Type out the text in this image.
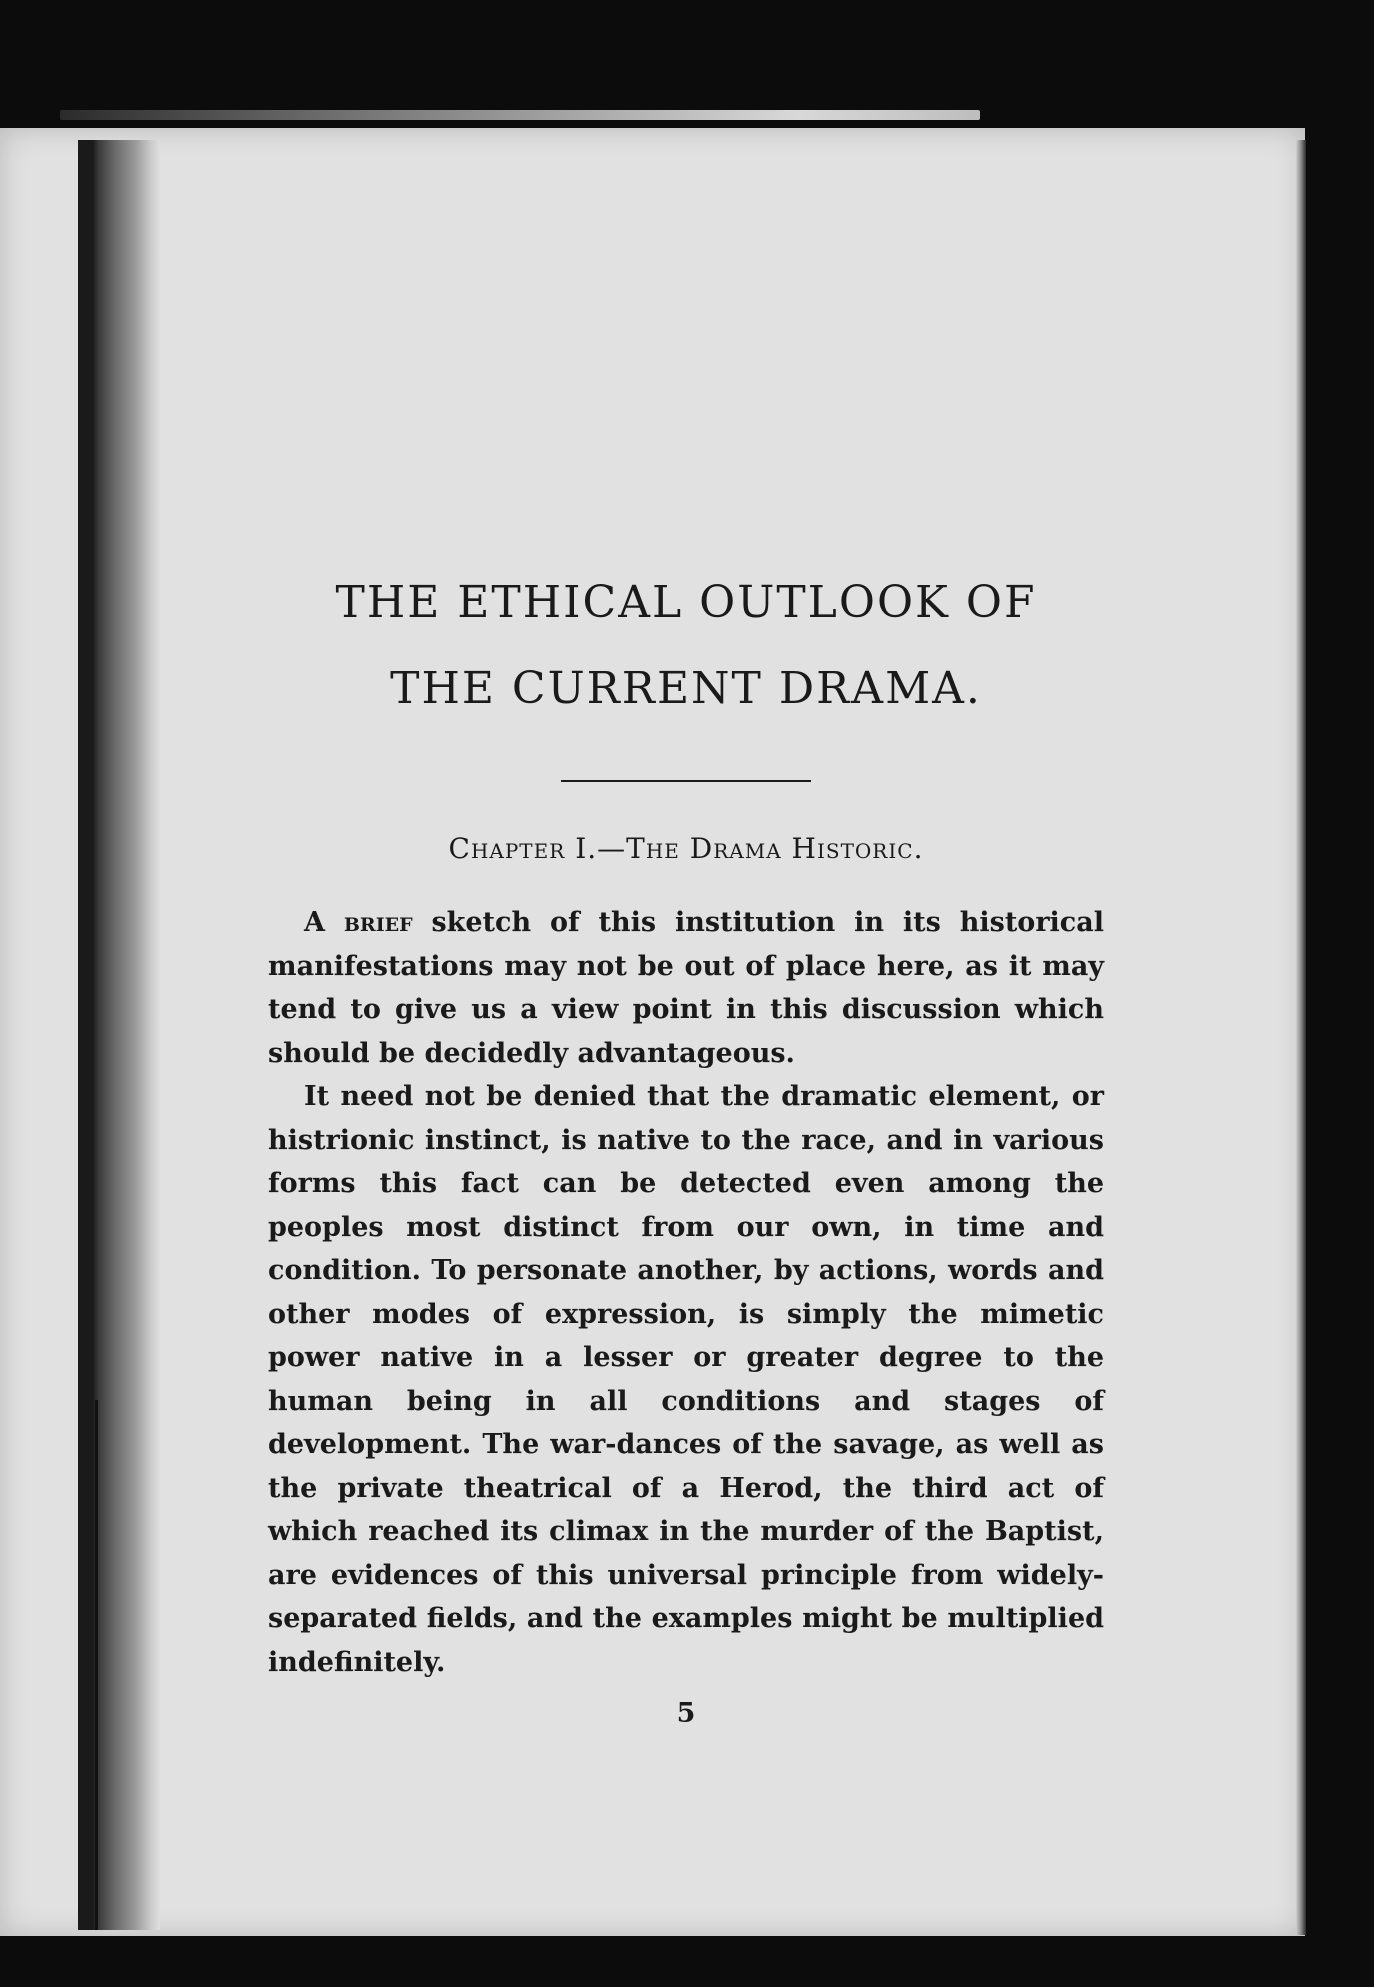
THE ETHICAL OUTLOOK OF
THE CURRENT DRAMA.
Chapter I.—The Drama Historic.

A brief sketch of this institution in its historical manifestations may not be out of place here, as it may tend to give us a view point in this discussion which should be decidedly advantageous.

It need not be denied that the dramatic element, or histrionic instinct, is native to the race, and in various forms this fact can be detected even among the peoples most distinct from our own, in time and condition. To personate another, by actions, words and other modes of expression, is simply the mimetic power native in a lesser or greater degree to the human being in all conditions and stages of development. The war-dances of the savage, as well as the private theatrical of a Herod, the third act of which reached its climax in the murder of the Baptist, are evidences of this universal principle from widely-separated fields, and the examples might be multiplied indefinitely.

5
